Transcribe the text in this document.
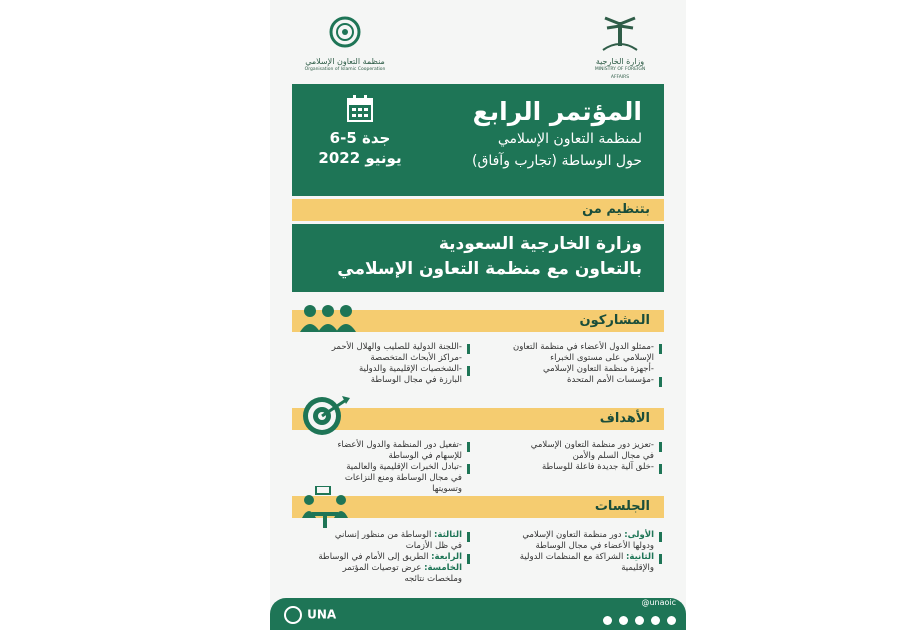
منظمة التعاون الإسلامي
Organisation of Islamic Cooperation
وزارة الخارجية
MINISTRY OF FOREIGN AFFAIRS
المؤتمر الرابع
لمنظمة التعاون الإسلامي
حول الوساطة (تجارب وآفاق)
جدة 5-6
يونيو 2022
بتنظيم من
وزارة الخارجية السعودية
بالتعاون مع منظمة التعاون الإسلامي
المشاركون
-ممثلو الدول الأعضاء في منظمة التعاون
الإسلامي على مستوى الخبراء
-أجهزة منظمة التعاون الإسلامي
-مؤسسات الأمم المتحدة
-اللجنة الدولية للصليب والهلال الأحمر
-مراكز الأبحاث المتخصصة
-الشخصيات الإقليمية والدولية
البارزة في مجال الوساطة
الأهداف
-تعزيز دور منظمة التعاون الإسلامي
في مجال السلم والأمن
-خلق آلية جديدة فاعلة للوساطة
-تفعيل دور المنظمة والدول الأعضاء
للإسهام في الوساطة
-تبادل الخبرات الإقليمية والعالمية
في مجال الوساطة ومنع النزاعات
وتسويتها
الجلسات
الأولى: دور منظمة التعاون الإسلامي
ودولها الأعضاء في مجال الوساطة
الثانية: الشراكة مع المنظمات الدولية
والإقليمية
الثالثة: الوساطة من منظور إنساني
في ظل الأزمات
الرابعة: الطريق إلى الأمام في الوساطة
الخامسة: عرض توصيات المؤتمر
وملخصات نتائجه
UNA
@unaoic
